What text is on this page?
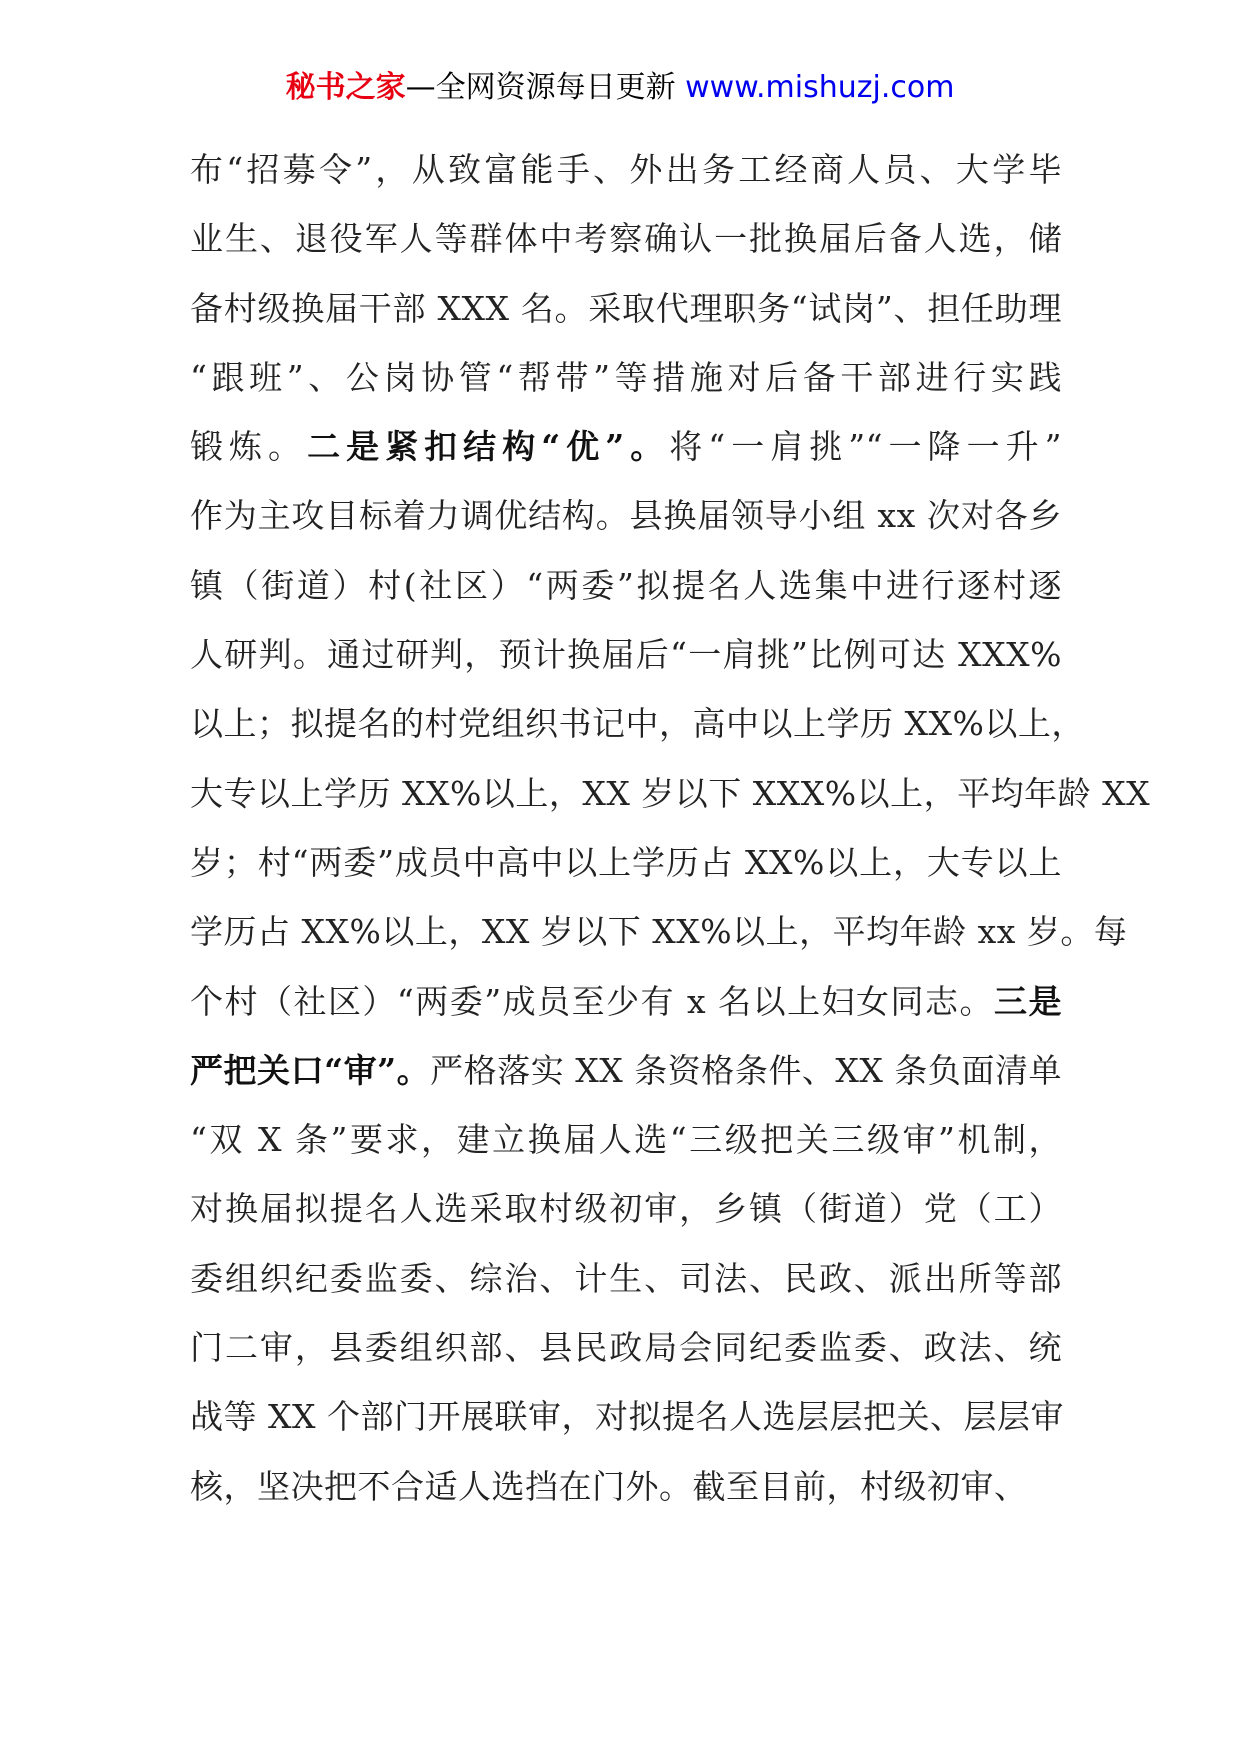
秘书之家—全网资源每日更新 www.mishuzj.com
布“招募令”，从致富能手、外出务工经商人员、大学毕
业生、退役军人等群体中考察确认一批换届后备人选，储
备村级换届干部 XXX 名。采取代理职务“试岗”、担任助理
“跟班”、公岗协管“帮带”等措施对后备干部进行实践
锻炼。二是紧扣结构“优”。将“一肩挑”“一降一升”
作为主攻目标着力调优结构。县换届领导小组 xx 次对各乡
镇（街道）村(社区）“两委”拟提名人选集中进行逐村逐
人研判。通过研判，预计换届后“一肩挑”比例可达 XXX%
以上；拟提名的村党组织书记中，高中以上学历 XX%以上，
大专以上学历 XX%以上，XX 岁以下 XXX%以上，平均年龄 XX
岁；村“两委”成员中高中以上学历占 XX%以上，大专以上
学历占 XX%以上，XX 岁以下 XX%以上，平均年龄 xx 岁。每
个村（社区）“两委”成员至少有 x 名以上妇女同志。三是
严把关口“审”。严格落实 XX 条资格条件、XX 条负面清单
“双 X 条”要求，建立换届人选“三级把关三级审”机制，
对换届拟提名人选采取村级初审，乡镇（街道）党（工）
委组织纪委监委、综治、计生、司法、民政、派出所等部
门二审，县委组织部、县民政局会同纪委监委、政法、统
战等 XX 个部门开展联审，对拟提名人选层层把关、层层审
核，坚决把不合适人选挡在门外。截至目前，村级初审、
